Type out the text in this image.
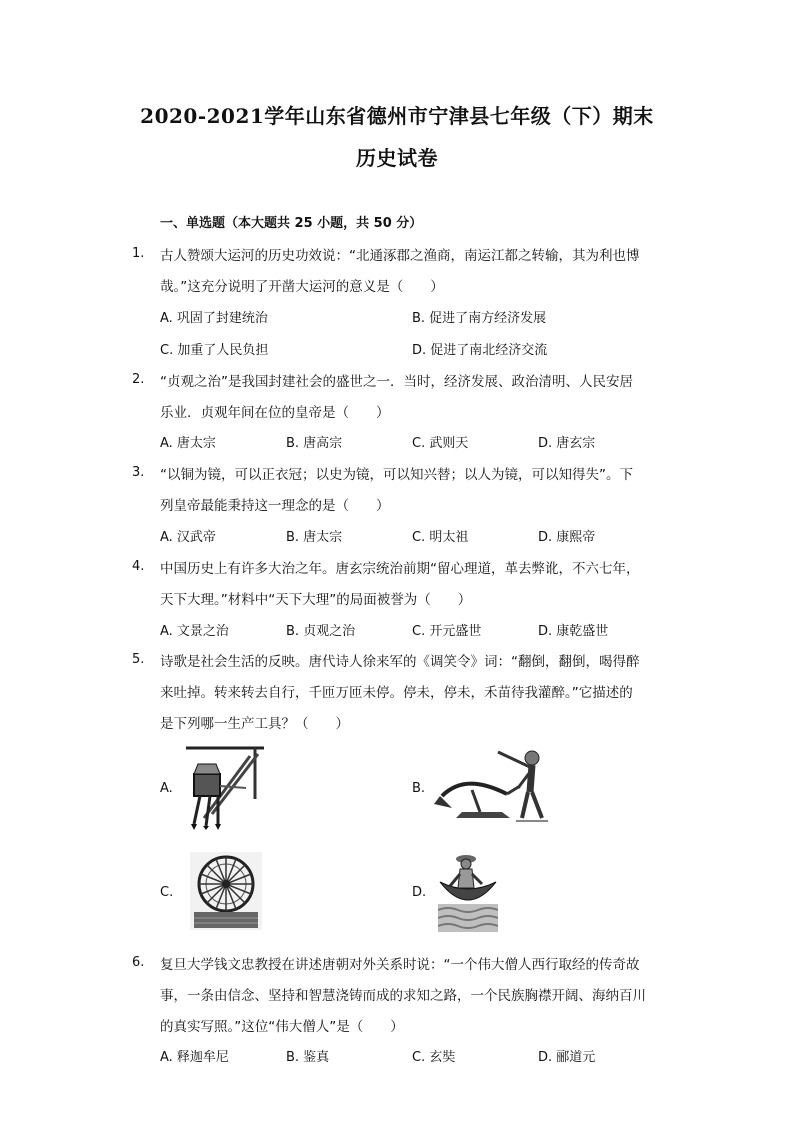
2020-2021学年山东省德州市宁津县七年级（下）期末
历史试卷
一、单选题（本大题共 25 小题，共 50 分）
1. 古人赞颂大运河的历史功效说：“北通涿郡之渔商，南运江都之转输，其为利也博
哉。”这充分说明了开凿大运河的意义是（　　）
A. 巩固了封建统治	B. 促进了南方经济发展
C. 加重了人民负担	D. 促进了南北经济交流
2. “贞观之治”是我国封建社会的盛世之一．当时，经济发展、政治清明、人民安居
乐业．贞观年间在位的皇帝是（　　）
A. 唐太宗	B. 唐高宗	C. 武则天	D. 唐玄宗
3. “以铜为镜，可以正衣冠；以史为镜，可以知兴替；以人为镜，可以知得失”。下
列皇帝最能秉持这一理念的是（　　）
A. 汉武帝	B. 唐太宗	C. 明太祖	D. 康熙帝
4. 中国历史上有许多大治之年。唐玄宗统治前期“留心理道，革去弊讹，不六七年，
天下大理。”材料中“天下大理”的局面被誉为（　　）
A. 文景之治	B. 贞观之治	C. 开元盛世	D. 康乾盛世
5. 诗歌是社会生活的反映。唐代诗人徐来军的《调笑令》词：“翻倒，翻倒，喝得醉
来吐掉。转来转去自行，千匝万匝未停。停未，停未，禾苗待我灌醉。”它描述的
是下列哪一生产工具？（　　）
A.	B.
C.	D.
6. 复旦大学钱文忠教授在讲述唐朝对外关系时说：“一个伟大僧人西行取经的传奇故
事，一条由信念、坚持和智慧浇铸而成的求知之路，一个民族胸襟开阔、海纳百川
的真实写照。”这位“伟大僧人”是（　　）
A. 释迦牟尼	B. 鉴真	C. 玄奘	D. 郦道元
